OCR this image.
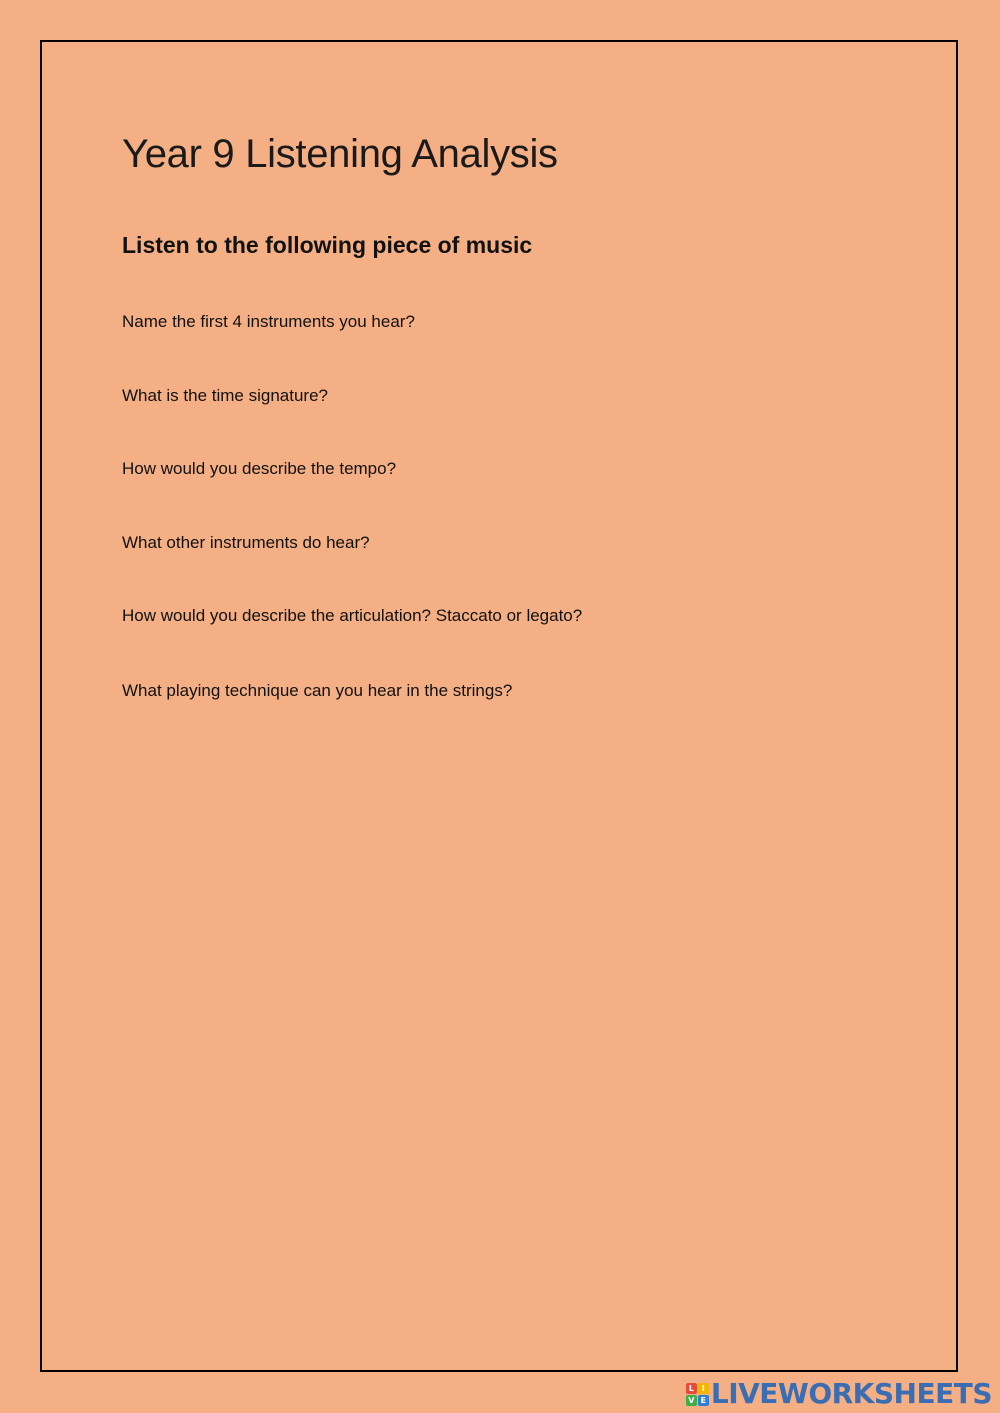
Year 9 Listening Analysis
Listen to the following piece of music

Name the first 4 instruments you hear?

What is the time signature?

How would you describe the tempo?

What other instruments do hear?

How would you describe the articulation? Staccato or legato?

What playing technique can you hear in the strings?

L I
V E LIVEWORKSHEETS
